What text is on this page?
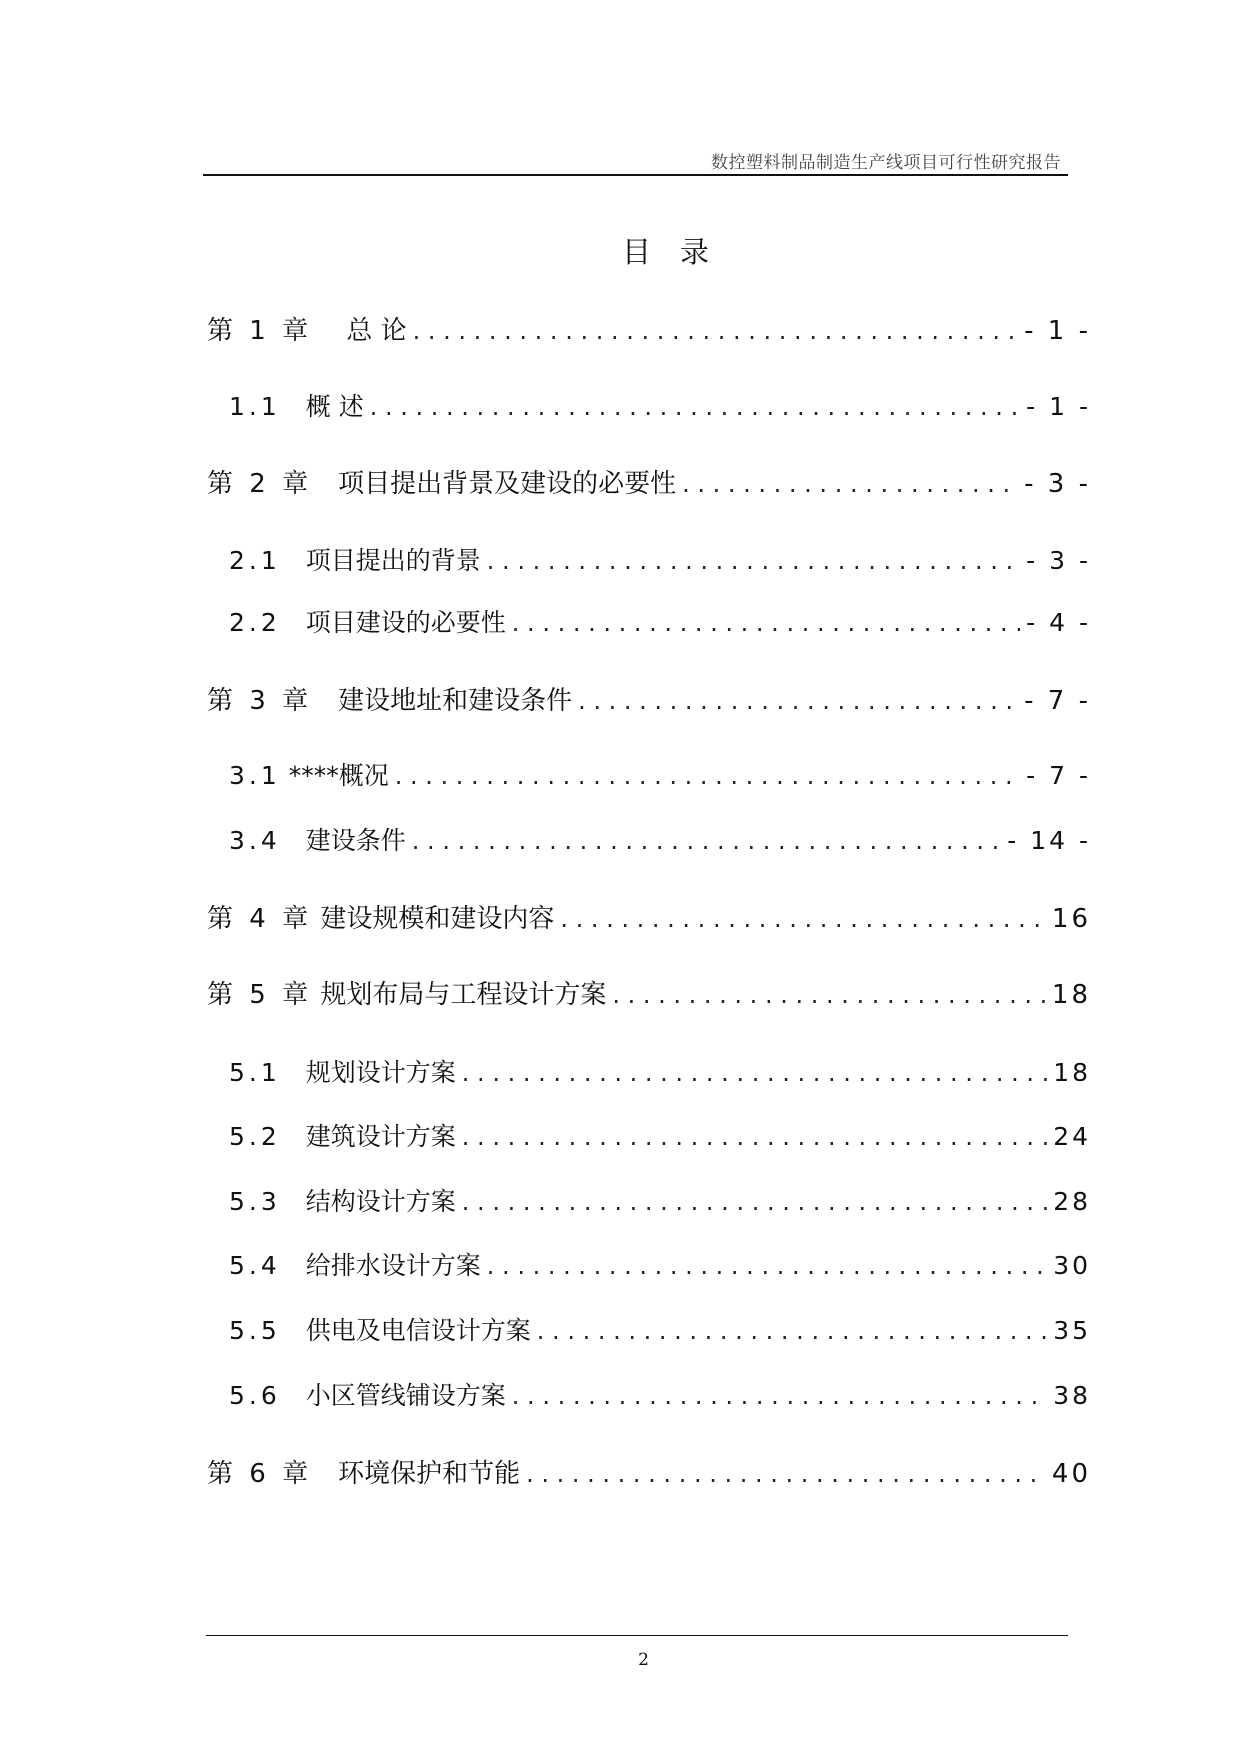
数控塑料制品制造生产线项目可行性研究报告
目　录
第 1 章 　总 论 . . .	- 1 -
1.1　 概 述 . . .	- 1 -
第 2 章　 项目提出背景及建设的必要性 . . .	- 3 -
2.1　 项目提出的背景 . . .	- 3 -
2.2　 项目建设的必要性 . . .	- 4 -
第 3 章　 建设地址和建设条件 . . .	- 7 -
3.1 ****概况 . . .	- 7 -
3.4　 建设条件 . . .	- 14 -
第 4 章 建设规模和建设内容 . . .	16
第 5 章 规划布局与工程设计方案 . . .	18
5.1　 规划设计方案 . . .	18
5.2　 建筑设计方案 . . .	24
5.3　 结构设计方案 . . .	28
5.4　 给排水设计方案 . . .	30
5.5　 供电及电信设计方案 . . .	35
5.6　 小区管线铺设方案 . . .	38
第 6 章　 环境保护和节能 . . .	40
2
